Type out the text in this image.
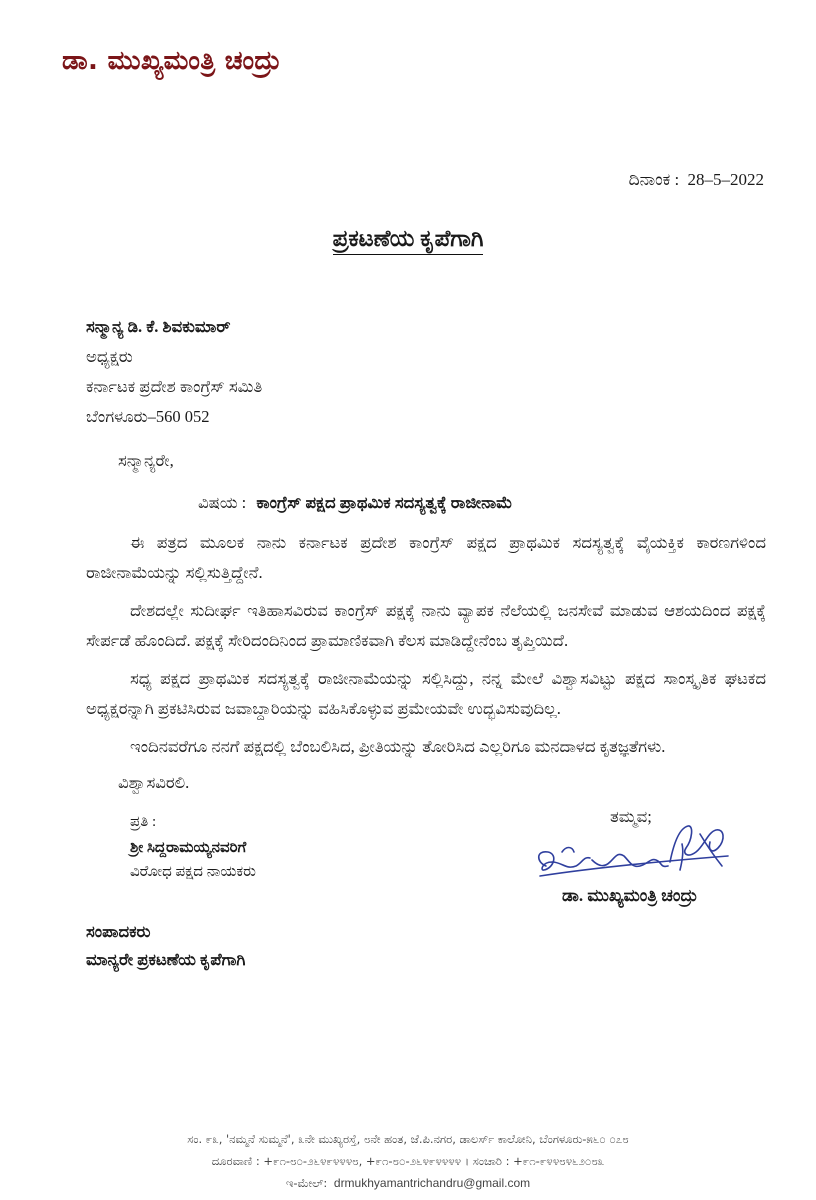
ಡಾ. ಮುಖ್ಯಮಂತ್ರಿ ಚಂದ್ರು
ದಿನಾಂಕ : 28–5–2022
ಪ್ರಕಟಣೆಯ ಕೃಪೆಗಾಗಿ
ಸನ್ಮಾನ್ಯ ಡಿ. ಕೆ. ಶಿವಕುಮಾರ್
ಅಧ್ಯಕ್ಷರು
ಕರ್ನಾಟಕ ಪ್ರದೇಶ ಕಾಂಗ್ರೆಸ್ ಸಮಿತಿ
ಬೆಂಗಳೂರು–560 052
ಸನ್ಮಾನ್ಯರೇ,
ವಿಷಯ : ಕಾಂಗ್ರೆಸ್ ಪಕ್ಷದ ಪ್ರಾಥಮಿಕ ಸದಸ್ಯತ್ವಕ್ಕೆ ರಾಜೀನಾಮೆ

ಈ ಪತ್ರದ ಮೂಲಕ ನಾನು ಕರ್ನಾಟಕ ಪ್ರದೇಶ ಕಾಂಗ್ರೆಸ್ ಪಕ್ಷದ ಪ್ರಾಥಮಿಕ ಸದಸ್ಯತ್ವಕ್ಕೆ ವೈಯಕ್ತಿಕ ಕಾರಣಗಳಿಂದ ರಾಜೀನಾಮೆಯನ್ನು ಸಲ್ಲಿಸುತ್ತಿದ್ದೇನೆ.

ದೇಶದಲ್ಲೇ ಸುದೀರ್ಘ ಇತಿಹಾಸವಿರುವ ಕಾಂಗ್ರೆಸ್ ಪಕ್ಷಕ್ಕೆ ನಾನು ವ್ಯಾಪಕ ನೆಲೆಯಲ್ಲಿ ಜನಸೇವೆ ಮಾಡುವ ಆಶಯದಿಂದ ಪಕ್ಷಕ್ಕೆ ಸೇರ್ಪಡೆ ಹೊಂದಿದೆ. ಪಕ್ಷಕ್ಕೆ ಸೇರಿದಂದಿನಿಂದ ಪ್ರಾಮಾಣಿಕವಾಗಿ ಕೆಲಸ ಮಾಡಿದ್ದೇನೆಂಬ ತೃಪ್ತಿಯಿದೆ.

ಸಧ್ಯ ಪಕ್ಷದ ಪ್ರಾಥಮಿಕ ಸದಸ್ಯತ್ವಕ್ಕೆ ರಾಜೀನಾಮೆಯನ್ನು ಸಲ್ಲಿಸಿದ್ದು, ನನ್ನ ಮೇಲೆ ವಿಶ್ವಾಸವಿಟ್ಟು ಪಕ್ಷದ ಸಾಂಸ್ಕೃತಿಕ ಘಟಕದ ಅಧ್ಯಕ್ಷರನ್ನಾಗಿ ಪ್ರಕಟಿಸಿರುವ ಜವಾಬ್ದಾರಿಯನ್ನು ವಹಿಸಿಕೊಳ್ಳುವ ಪ್ರಮೇಯವೇ ಉದ್ಭವಿಸುವುದಿಲ್ಲ.

ಇಂದಿನವರೆಗೂ ನನಗೆ ಪಕ್ಷದಲ್ಲಿ ಬೆಂಬಲಿಸಿದ, ಪ್ರೀತಿಯನ್ನು ತೋರಿಸಿದ ಎಲ್ಲರಿಗೂ ಮನದಾಳದ ಕೃತಜ್ಞತೆಗಳು.

ವಿಶ್ವಾಸವಿರಲಿ.
ಪ್ರತಿ :
ಶ್ರೀ ಸಿದ್ದರಾಮಯ್ಯನವರಿಗೆ
ವಿರೋಧ ಪಕ್ಷದ ನಾಯಕರು
ತಮ್ಮವ;
ಡಾ. ಮುಖ್ಯಮಂತ್ರಿ ಚಂದ್ರು
ಸಂಪಾದಕರು
ಮಾನ್ಯರೇ ಪ್ರಕಟಣೆಯ ಕೃಪೆಗಾಗಿ
ಸಂ. ೯೩, 'ನಮ್ಮನೆ ಸುಮ್ಮನೆ', ೩ನೇ ಮುಖ್ಯರಸ್ತೆ, ೮ನೇ ಹಂತ, ಜೆ.ಪಿ.ನಗರ, ಡಾಲರ್ಸ್ ಕಾಲೋನಿ, ಬೆಂಗಳೂರು-೫೬೦ ೦೭೮
ದೂರವಾಣಿ : +೯೧-೮೦-೨೬೪೯೪೪೪೮, +೯೧-೮೦-೨೬೪೯೪೪೪೪ । ಸಂಚಾರಿ : +೯೧-೯೪೪೮೪೬೨೦೮೩
ಇ-ಮೇಲ್: drmukhyamantrichandru@gmail.com
